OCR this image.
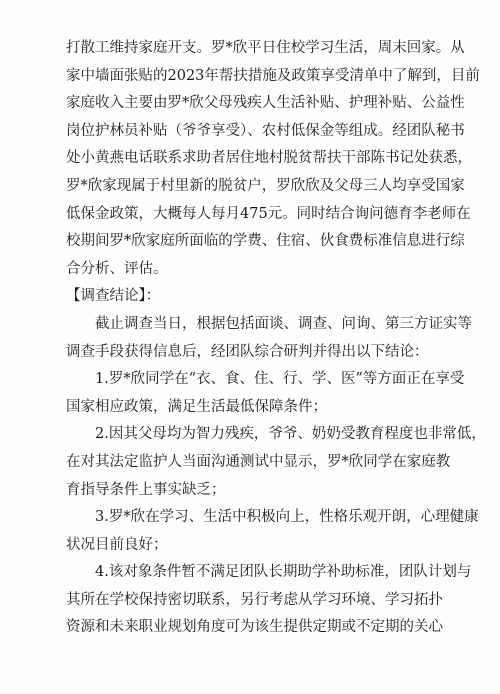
打散工维持家庭开支。罗*欣平日住校学习生活，周末回家。从
家中墙面张贴的2023年帮扶措施及政策享受清单中了解到，目前
家庭收入主要由罗*欣父母残疾人生活补贴、护理补贴、公益性
岗位护林员补贴（爷爷享受）、农村低保金等组成。经团队秘书
处小黄燕电话联系求助者居住地村脱贫帮扶干部陈书记处获悉，
罗*欣家现属于村里新的脱贫户，罗欣欣及父母三人均享受国家
低保金政策，大概每人每月475元。同时结合询问德育李老师在
校期间罗*欣家庭所面临的学费、住宿、伙食费标准信息进行综
合分析、评估。
【调查结论】：
截止调查当日，根据包括面谈、调查、问询、第三方证实等
调查手段获得信息后，经团队综合研判并得出以下结论：
1.罗*欣同学在“衣、食、住、行、学、医”等方面正在享受
国家相应政策，满足生活最低保障条件；
2.因其父母均为智力残疾，爷爷、奶奶受教育程度也非常低，
在对其法定监护人当面沟通测试中显示，罗*欣同学在家庭教
育指导条件上事实缺乏；
3.罗*欣在学习、生活中积极向上，性格乐观开朗，心理健康
状况目前良好；
4.该对象条件暂不满足团队长期助学补助标准，团队计划与
其所在学校保持密切联系，另行考虑从学习环境、学习拓扑
资源和未来职业规划角度可为该生提供定期或不定期的关心
